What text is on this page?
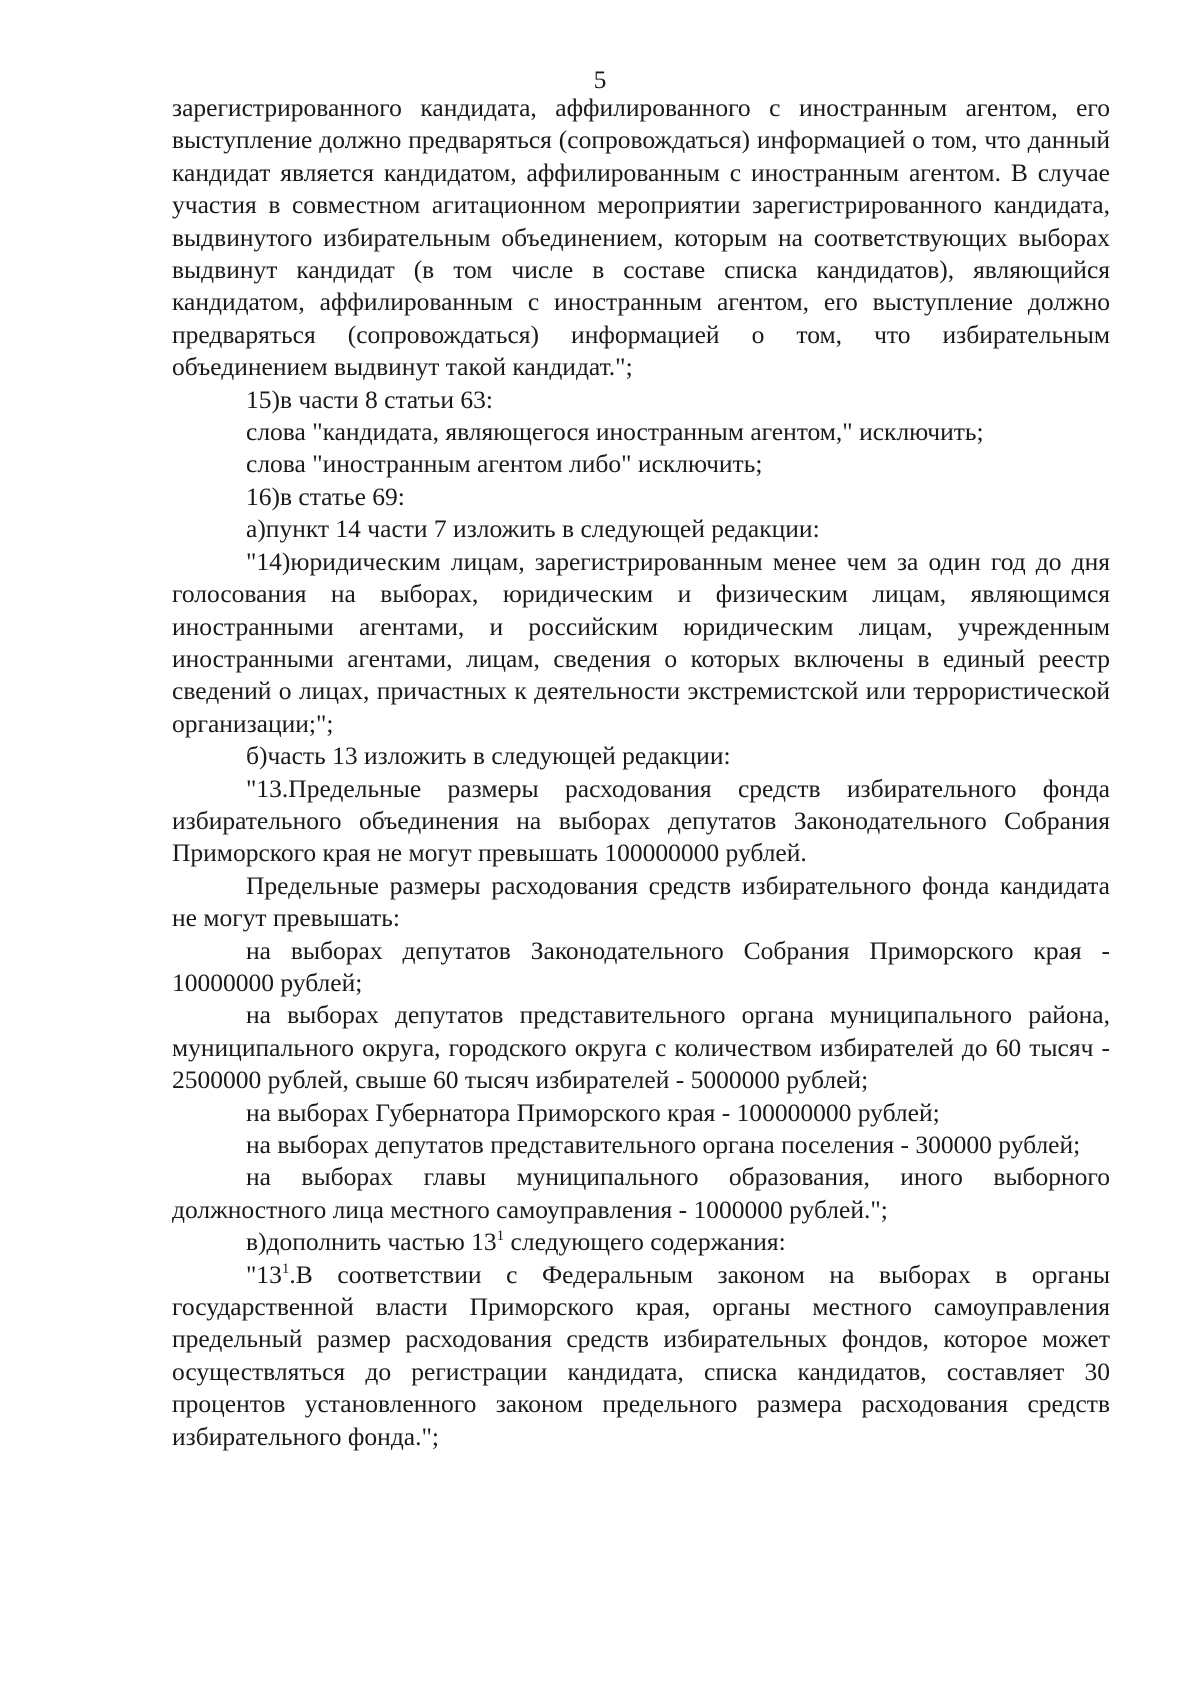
5

зарегистрированного кандидата, аффилированного с иностранным агентом, его выступление должно предваряться (сопровождаться) информацией о том, что данный кандидат является кандидатом, аффилированным с иностранным агентом. В случае участия в совместном агитационном мероприятии зарегистрированного кандидата, выдвинутого избирательным объединением, которым на соответствующих выборах выдвинут кандидат (в том числе в составе списка кандидатов), являющийся кандидатом, аффилированным с иностранным агентом, его выступление должно предваряться (сопровождаться) информацией о том, что избирательным объединением выдвинут такой кандидат.";

15)в части 8 статьи 63:

слова "кандидата, являющегося иностранным агентом," исключить;

слова "иностранным агентом либо" исключить;

16)в статье 69:

а)пункт 14 части 7 изложить в следующей редакции:

"14)юридическим лицам, зарегистрированным менее чем за один год до дня голосования на выборах, юридическим и физическим лицам, являющимся иностранными агентами, и российским юридическим лицам, учрежденным иностранными агентами, лицам, сведения о которых включены в единый реестр сведений о лицах, причастных к деятельности экстремистской или террористической организации;";

б)часть 13 изложить в следующей редакции:

"13.Предельные размеры расходования средств избирательного фонда избирательного объединения на выборах депутатов Законодательного Собрания Приморского края не могут превышать 100000000 рублей.

Предельные размеры расходования средств избирательного фонда кандидата не могут превышать:

на выборах депутатов Законодательного Собрания Приморского края - 10000000 рублей;

на выборах депутатов представительного органа муниципального района, муниципального округа, городского округа с количеством избирателей до 60 тысяч - 2500000 рублей, свыше 60 тысяч избирателей - 5000000 рублей;

на выборах Губернатора Приморского края - 100000000 рублей;

на выборах депутатов представительного органа поселения - 300000 рублей;

на выборах главы муниципального образования, иного выборного должностного лица местного самоуправления - 1000000 рублей.";

в)дополнить частью $13^1$ следующего содержания:

"$13^1.В$ соответствии с Федеральным законом на выборах в органы государственной власти Приморского края, органы местного самоуправления предельный размер расходования средств избирательных фондов, которое может осуществляться до регистрации кандидата, списка кандидатов, составляет 30 процентов установленного законом предельного размера расходования средств избирательного фонда.";
